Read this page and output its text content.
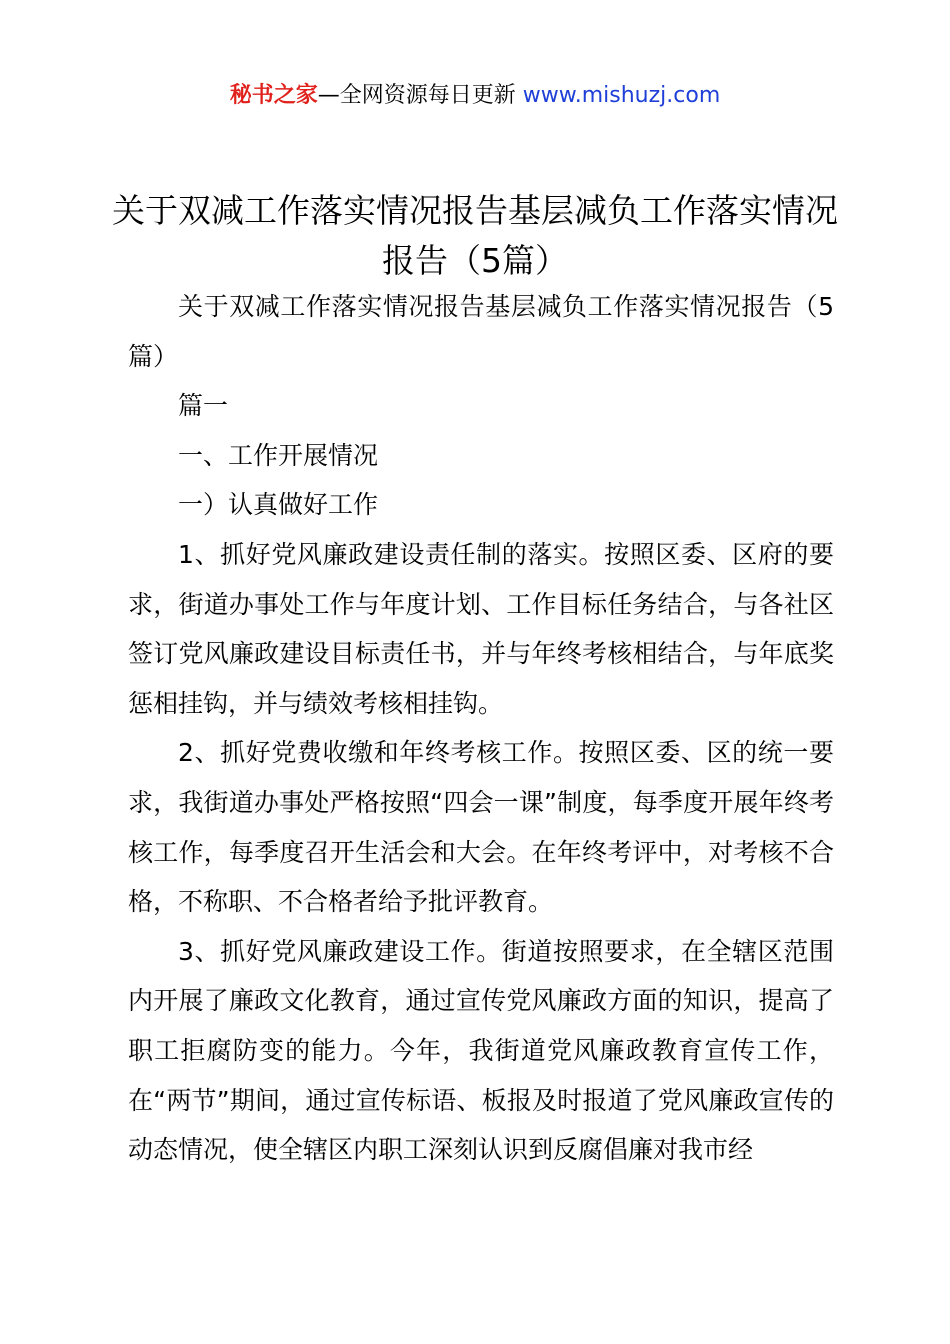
秘书之家—全网资源每日更新 www.mishuzj.com
关于双减工作落实情况报告基层减负工作落实情况报告（5篇）

关于双减工作落实情况报告基层减负工作落实情况报告（5篇）

篇一

一、工作开展情况

一）认真做好工作

1、抓好党风廉政建设责任制的落实。按照区委、区府的要求，街道办事处工作与年度计划、工作目标任务结合，与各社区签订党风廉政建设目标责任书，并与年终考核相结合，与年底奖惩相挂钩，并与绩效考核相挂钩。

2、抓好党费收缴和年终考核工作。按照区委、区的统一要求，我街道办事处严格按照“四会一课”制度，每季度开展年终考核工作，每季度召开生活会和大会。在年终考评中，对考核不合格，不称职、不合格者给予批评教育。

3、抓好党风廉政建设工作。街道按照要求，在全辖区范围内开展了廉政文化教育，通过宣传党风廉政方面的知识，提高了职工拒腐防变的能力。今年，我街道党风廉政教育宣传工作，在“两节”期间，通过宣传标语、板报及时报道了党风廉政宣传的动态情况，使全辖区内职工深刻认识到反腐倡廉对我市经
